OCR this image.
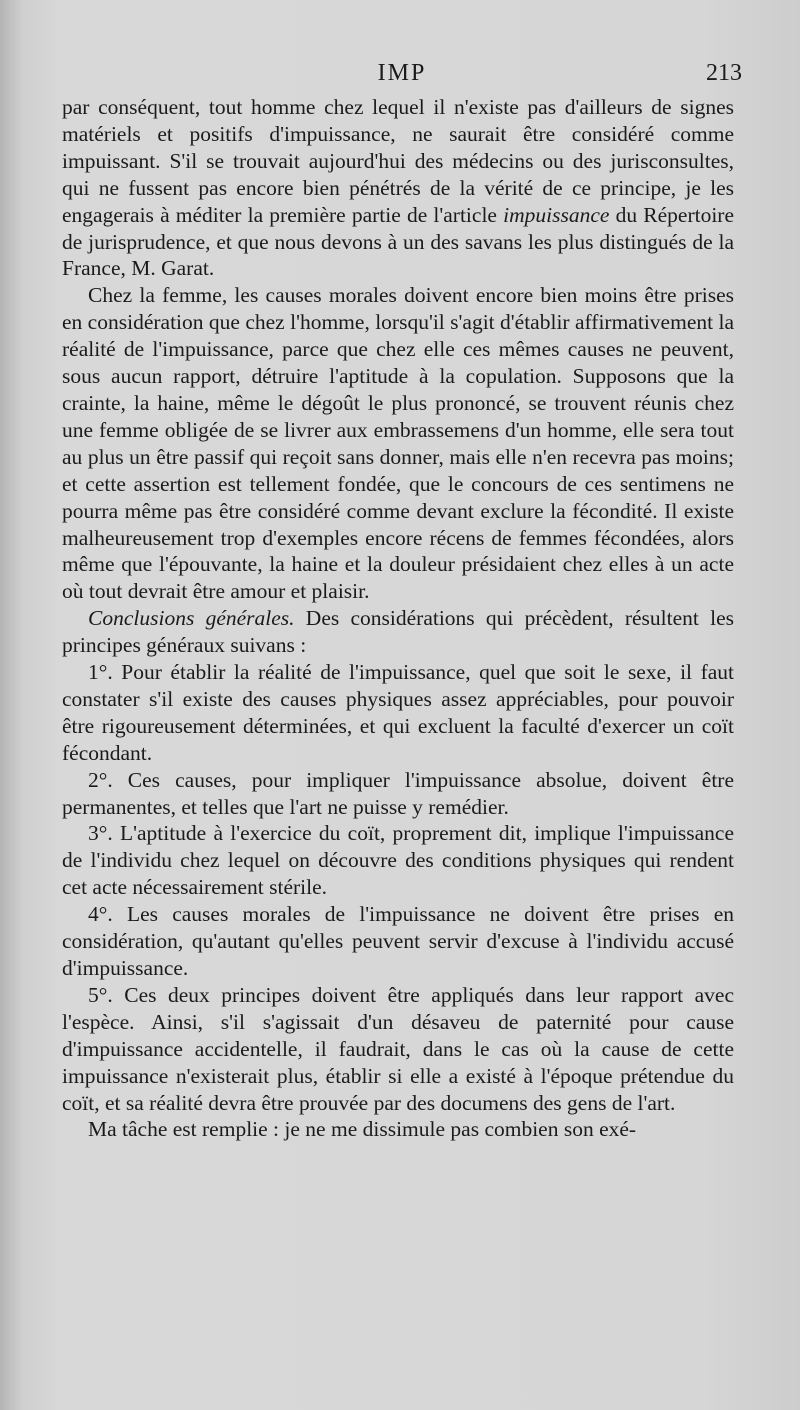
IMP	213

par conséquent, tout homme chez lequel il n'existe pas d'ailleurs de signes matériels et positifs d'impuissance, ne saurait être considéré comme impuissant. S'il se trouvait aujourd'hui des médecins ou des jurisconsultes, qui ne fussent pas encore bien pénétrés de la vérité de ce principe, je les engagerais à méditer la première partie de l'article impuissance du Répertoire de jurisprudence, et que nous devons à un des savans les plus distingués de la France, M. Garat.

Chez la femme, les causes morales doivent encore bien moins être prises en considération que chez l'homme, lorsqu'il s'agit d'établir affirmativement la réalité de l'impuissance, parce que chez elle ces mêmes causes ne peuvent, sous aucun rapport, détruire l'aptitude à la copulation. Supposons que la crainte, la haine, même le dégoût le plus prononcé, se trouvent réunis chez une femme obligée de se livrer aux embrassemens d'un homme, elle sera tout au plus un être passif qui reçoit sans donner, mais elle n'en recevra pas moins; et cette assertion est tellement fondée, que le concours de ces sentimens ne pourra même pas être considéré comme devant exclure la fécondité. Il existe malheureusement trop d'exemples encore récens de femmes fécondées, alors même que l'épouvante, la haine et la douleur présidaient chez elles à un acte où tout devrait être amour et plaisir.

Conclusions générales. Des considérations qui précèdent, résultent les principes généraux suivans :

1°. Pour établir la réalité de l'impuissance, quel que soit le sexe, il faut constater s'il existe des causes physiques assez appréciables, pour pouvoir être rigoureusement déterminées, et qui excluent la faculté d'exercer un coït fécondant.

2°. Ces causes, pour impliquer l'impuissance absolue, doivent être permanentes, et telles que l'art ne puisse y remédier.

3°. L'aptitude à l'exercice du coït, proprement dit, implique l'impuissance de l'individu chez lequel on découvre des conditions physiques qui rendent cet acte nécessairement stérile.

4°. Les causes morales de l'impuissance ne doivent être prises en considération, qu'autant qu'elles peuvent servir d'excuse à l'individu accusé d'impuissance.

5°. Ces deux principes doivent être appliqués dans leur rapport avec l'espèce. Ainsi, s'il s'agissait d'un désaveu de paternité pour cause d'impuissance accidentelle, il faudrait, dans le cas où la cause de cette impuissance n'existerait plus, établir si elle a existé à l'époque prétendue du coït, et sa réalité devra être prouvée par des documens des gens de l'art.

Ma tâche est remplie : je ne me dissimule pas combien son exé-
